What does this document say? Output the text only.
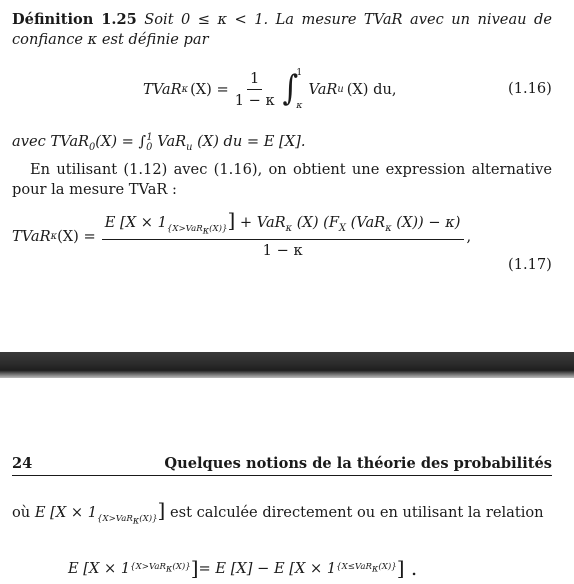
Définition 1.25 Soit 0 ≤ κ < 1. La mesure TVaR avec un niveau de confiance κ est définie par
TVaR κ $(X) = \frac{1}{1 - \kappa}$ ∫
1
κ
VaR u (X) du,	(1.16)
avec TVaR$_0$(X) = $\int_0^1$ VaR$_u$ (X) du = E [X].
En utilisant (1.12) avec (1.16), on obtient une expression alternative pour la mesure TVaR :
TVaR κ $(X) = \frac{E [X \times 1_{\{X>VaR_\kappa(X)\}}] + VaR_\kappa (X) (F_X (VaR_\kappa (X)) - \kappa)}{1 - \kappa}$ ,
(1.17)
24	Quelques notions de la théorie des probabilités
où E $[X \times 1_{\{X>VaR_\kappa(X)\}}]$ est calculée directement ou en utilisant la relation
E [X × 1 {X>VaR$_\kappa$(X)} ] = E [X] − E [X × 1 {X≤VaR$_\kappa$(X)} ] .
